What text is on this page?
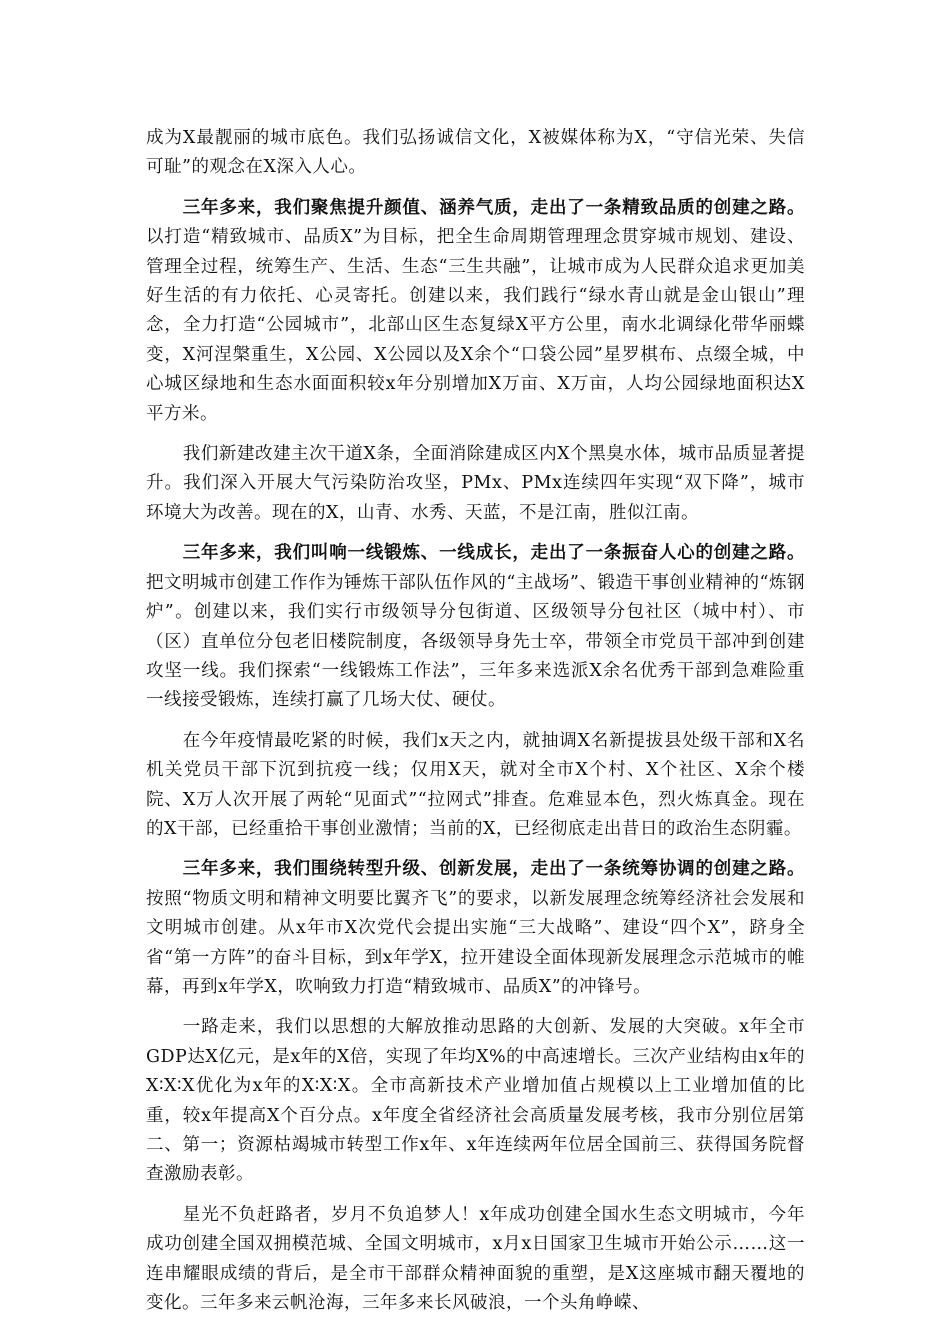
成为X最靓丽的城市底色。我们弘扬诚信文化，X被媒体称为X，“守信光荣、失信可耻”的观念在X深入人心。

三年多来，我们聚焦提升颜值、涵养气质，走出了一条精致品质的创建之路。以打造“精致城市、品质X”为目标，把全生命周期管理理念贯穿城市规划、建设、管理全过程，统筹生产、生活、生态“三生共融”，让城市成为人民群众追求更加美好生活的有力依托、心灵寄托。创建以来，我们践行“绿水青山就是金山银山”理念，全力打造“公园城市”，北部山区生态复绿X平方公里，南水北调绿化带华丽蝶变，X河涅槃重生，X公园、X公园以及X余个“口袋公园”星罗棋布、点缀全城，中心城区绿地和生态水面面积较x年分别增加X万亩、X万亩，人均公园绿地面积达X平方米。

我们新建改建主次干道X条，全面消除建成区内X个黑臭水体，城市品质显著提升。我们深入开展大气污染防治攻坚，PMx、PMx连续四年实现“双下降”，城市环境大为改善。现在的X，山青、水秀、天蓝，不是江南，胜似江南。

三年多来，我们叫响一线锻炼、一线成长，走出了一条振奋人心的创建之路。把文明城市创建工作作为锤炼干部队伍作风的“主战场”、锻造干事创业精神的“炼钢炉”。创建以来，我们实行市级领导分包街道、区级领导分包社区（城中村）、市（区）直单位分包老旧楼院制度，各级领导身先士卒，带领全市党员干部冲到创建攻坚一线。我们探索“一线锻炼工作法”，三年多来选派X余名优秀干部到急难险重一线接受锻炼，连续打赢了几场大仗、硬仗。

在今年疫情最吃紧的时候，我们x天之内，就抽调X名新提拔县处级干部和X名机关党员干部下沉到抗疫一线；仅用X天，就对全市X个村、X个社区、X余个楼院、X万人次开展了两轮“见面式”“拉网式”排查。危难显本色，烈火炼真金。现在的X干部，已经重拾干事创业激情；当前的X，已经彻底走出昔日的政治生态阴霾。

三年多来，我们围绕转型升级、创新发展，走出了一条统筹协调的创建之路。按照“物质文明和精神文明要比翼齐飞”的要求，以新发展理念统筹经济社会发展和文明城市创建。从x年市X次党代会提出实施“三大战略”、建设“四个X”，跻身全省“第一方阵”的奋斗目标，到x年学X，拉开建设全面体现新发展理念示范城市的帷幕，再到x年学X，吹响致力打造“精致城市、品质X”的冲锋号。

一路走来，我们以思想的大解放推动思路的大创新、发展的大突破。x年全市GDP达X亿元，是x年的X倍，实现了年均X%的中高速增长。三次产业结构由x年的X∶X∶X优化为x年的X∶X∶X。全市高新技术产业增加值占规模以上工业增加值的比重，较x年提高X个百分点。x年度全省经济社会高质量发展考核，我市分别位居第二、第一；资源枯竭城市转型工作x年、x年连续两年位居全国前三、获得国务院督查激励表彰。

星光不负赶路者，岁月不负追梦人！x年成功创建全国水生态文明城市，今年成功创建全国双拥模范城、全国文明城市，x月x日国家卫生城市开始公示……这一连串耀眼成绩的背后，是全市干部群众精神面貌的重塑，是X这座城市翻天覆地的变化。三年多来云帆沧海，三年多来长风破浪，一个头角峥嵘、
